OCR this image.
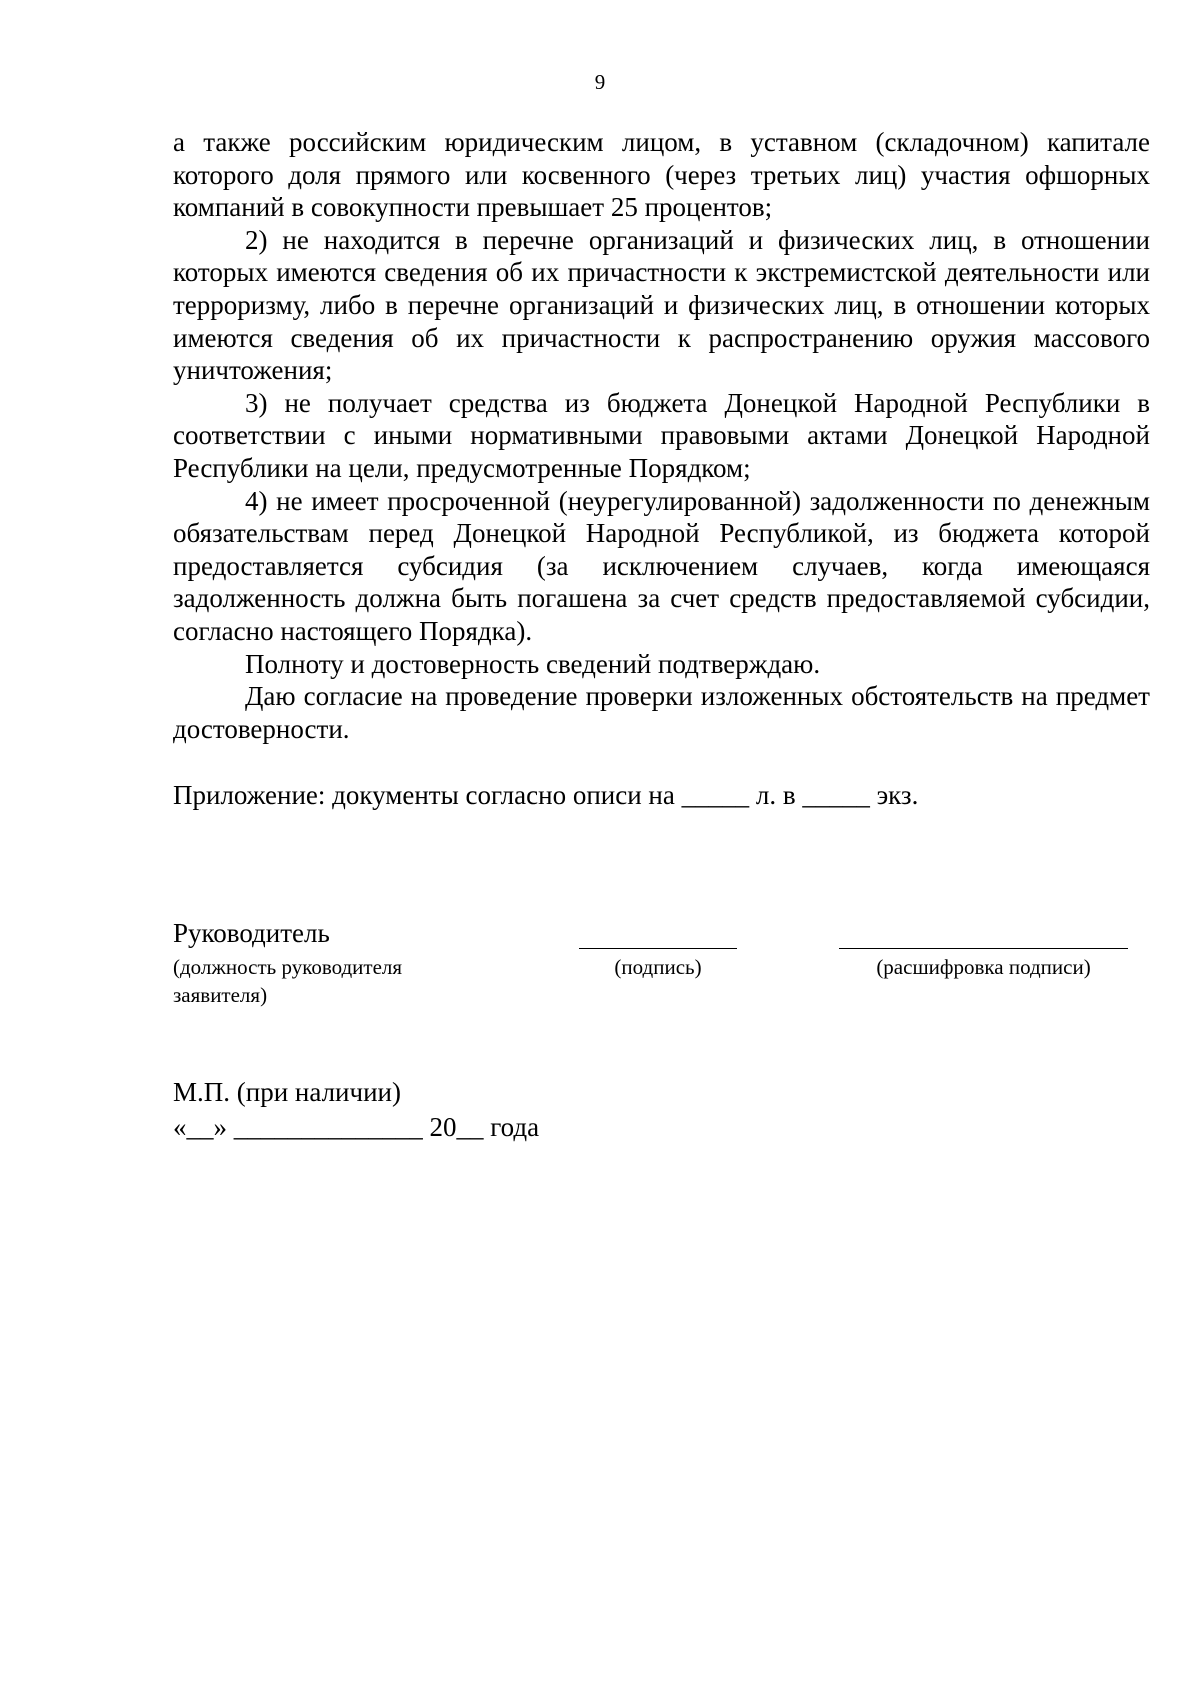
9

а также российским юридическим лицом, в уставном (складочном) капитале которого доля прямого или косвенного (через третьих лиц) участия офшорных компаний в совокупности превышает 25 процентов;

2) не находится в перечне организаций и физических лиц, в отношении которых имеются сведения об их причастности к экстремистской деятельности или терроризму, либо в перечне организаций и физических лиц, в отношении которых имеются сведения об их причастности к распространению оружия массового уничтожения;

3) не получает средства из бюджета Донецкой Народной Республики в соответствии с иными нормативными правовыми актами Донецкой Народной Республики на цели, предусмотренные Порядком;

4) не имеет просроченной (неурегулированной) задолженности по денежным обязательствам перед Донецкой Народной Республикой, из бюджета которой предоставляется субсидия (за исключением случаев, когда имеющаяся задолженность должна быть погашена за счет средств предоставляемой субсидии, согласно настоящего Порядка).

Полноту и достоверность сведений подтверждаю.

Даю согласие на проведение проверки изложенных обстоятельств на предмет достоверности.

Приложение: документы согласно описи на _____ л. в _____ экз.
Руководитель
(должность руководителя заявителя)
(подпись)	(расшифровка подписи)
М.П. (при наличии)
«__» ______________ 20__ года
